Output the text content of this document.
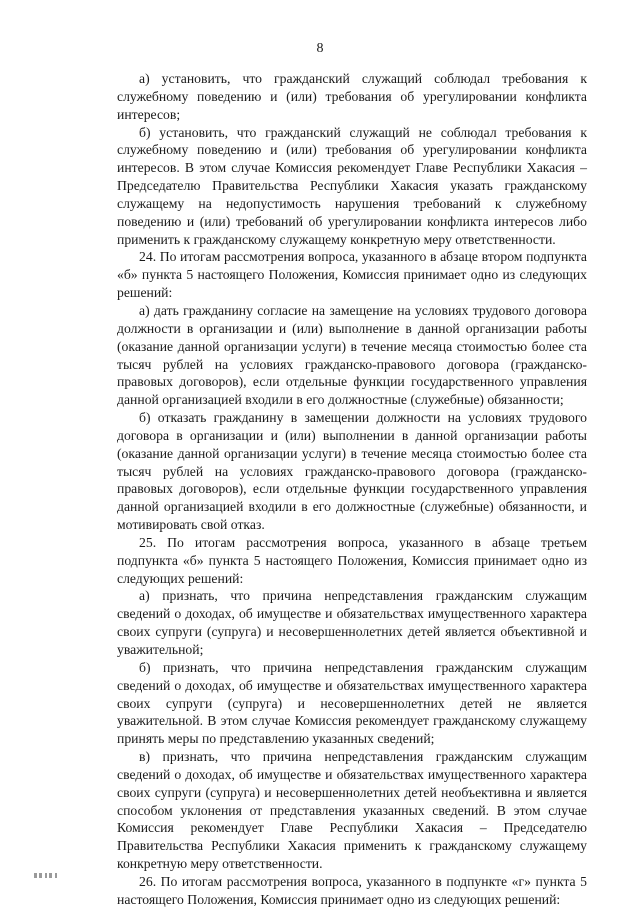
8

а) установить, что гражданский служащий соблюдал требования к служебному поведению и (или) требования об урегулировании конфликта интересов;

б) установить, что гражданский служащий не соблюдал требования к служебному поведению и (или) требования об урегулировании конфликта интересов. В этом случае Комиссия рекомендует Главе Республики Хакасия – Председателю Правительства Республики Хакасия указать гражданскому служащему на недопустимость нарушения требований к служебному поведению и (или) требований об урегулировании конфликта интересов либо применить к гражданскому служащему конкретную меру ответственности.

24. По итогам рассмотрения вопроса, указанного в абзаце втором подпункта «б» пункта 5 настоящего Положения, Комиссия принимает одно из следующих решений:

а) дать гражданину согласие на замещение на условиях трудового договора должности в организации и (или) выполнение в данной организации работы (оказание данной организации услуги) в течение месяца стоимостью более ста тысяч рублей на условиях гражданско-правового договора (гражданско-правовых договоров), если отдельные функции государственного управления данной организацией входили в его должностные (служебные) обязанности;

б) отказать гражданину в замещении должности на условиях трудового договора в организации и (или) выполнении в данной организации работы (оказание данной организации услуги) в течение месяца стоимостью более ста тысяч рублей на условиях гражданско-правового договора (гражданско-правовых договоров), если отдельные функции государственного управления данной организацией входили в его должностные (служебные) обязанности, и мотивировать свой отказ.

25. По итогам рассмотрения вопроса, указанного в абзаце третьем подпункта «б» пункта 5 настоящего Положения, Комиссия принимает одно из следующих решений:

а) признать, что причина непредставления гражданским служащим сведений о доходах, об имуществе и обязательствах имущественного характера своих супруги (супруга) и несовершеннолетних детей является объективной и уважительной;

б) признать, что причина непредставления гражданским служащим сведений о доходах, об имуществе и обязательствах имущественного характера своих супруги (супруга) и несовершеннолетних детей не является уважительной. В этом случае Комиссия рекомендует гражданскому служащему принять меры по представлению указанных сведений;

в) признать, что причина непредставления гражданским служащим сведений о доходах, об имуществе и обязательствах имущественного характера своих супруги (супруга) и несовершеннолетних детей необъективна и является способом уклонения от представления указанных сведений. В этом случае Комиссия рекомендует Главе Республики Хакасия – Председателю Правительства Республики Хакасия применить к гражданскому служащему конкретную меру ответственности.

26. По итогам рассмотрения вопроса, указанного в подпункте «г» пункта 5 настоящего Положения, Комиссия принимает одно из следующих решений:
